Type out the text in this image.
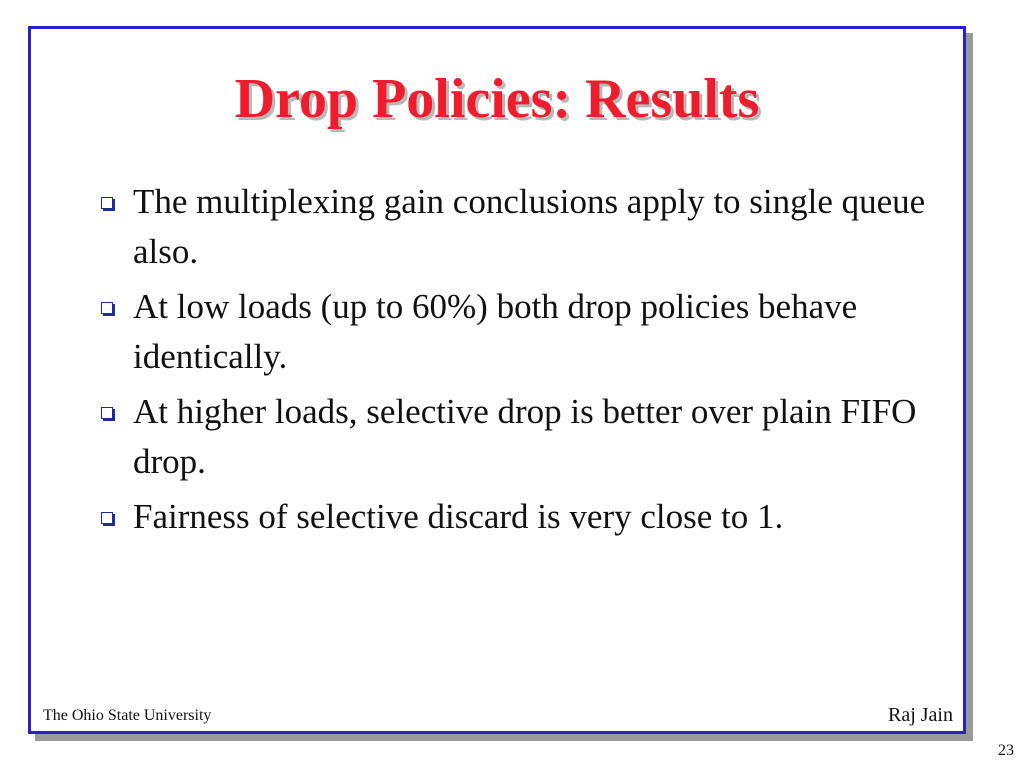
Drop Policies: Results
The multiplexing gain conclusions apply to single queue also.
At low loads (up to 60%) both drop policies behave identically.
At higher loads, selective drop is better over plain FIFO drop.
Fairness of selective discard is very close to 1.
The Ohio State University	Raj Jain
23
